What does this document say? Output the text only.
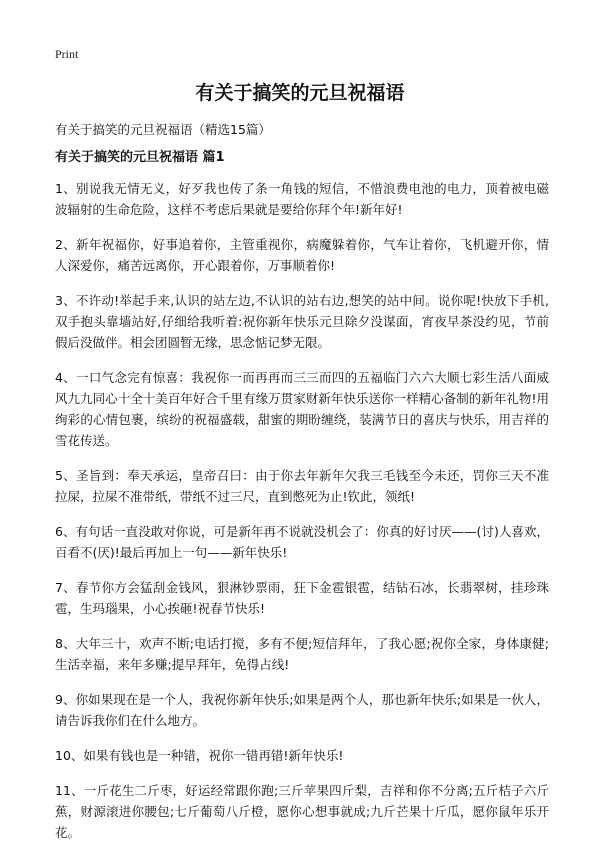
Print
有关于搞笑的元旦祝福语

有关于搞笑的元旦祝福语（精选15篇）

有关于搞笑的元旦祝福语 篇1
1、别说我无情无义，好歹我也传了条一角钱的短信，不惜浪费电池的电力，顶着被电磁波辐射的生命危险，这样不考虑后果就是要给你拜个年!新年好!
2、新年祝福你，好事追着你，主管重视你，病魔躲着你，气车让着你，飞机避开你，情人深爱你，痛苦远离你，开心跟着你，万事顺着你!
3、不许动!举起手来,认识的站左边,不认识的站右边,想笑的站中间。说你呢!快放下手机,双手抱头靠墙站好,仔细给我听着:祝你新年快乐元旦除夕没谋面，宵夜早茶没约见，节前假后没做伴。相会团圆暂无缘，思念惦记梦无限。
4、一口气念完有惊喜：我祝你一而再再而三三而四的五福临门六六大顺七彩生活八面威风九九同心十全十美百年好合千里有缘万贯家财新年快乐送你一样精心备制的新年礼物!用绚彩的心情包裹，缤纷的祝福盛载，甜蜜的期盼缠绕，装满节日的喜庆与快乐，用吉祥的雪花传送。
5、圣旨到：奉天承运，皇帝召曰：由于你去年新年欠我三毛钱至今未还，罚你三天不准拉屎，拉屎不准带纸，带纸不过三尺，直到憋死为止!钦此，领纸!
6、有句话一直没敢对你说，可是新年再不说就没机会了：你真的好讨厌——(讨)人喜欢，百看不(厌)!最后再加上一句——新年快乐!
7、春节你方会猛刮金钱风，狠淋钞票雨，狂下金雹银雹，结钻石冰，长翡翠树，挂珍珠雹，生玛瑙果，小心挨砸!祝春节快乐!
8、大年三十，欢声不断;电话打搅，多有不便;短信拜年，了我心愿;祝你全家，身体康健;生活幸福，来年多赚;提早拜年，免得占线!
9、你如果现在是一个人，我祝你新年快乐;如果是两个人，那也新年快乐;如果是一伙人，请告诉我你们在什么地方。
10、如果有钱也是一种错，祝你一错再错!新年快乐!
11、一斤花生二斤枣，好运经常跟你跑;三斤苹果四斤梨，吉祥和你不分离;五斤桔子六斤蕉，财源滚进你腰包;七斤葡萄八斤橙，愿你心想事就成;九斤芒果十斤瓜，愿你鼠年乐开花。
